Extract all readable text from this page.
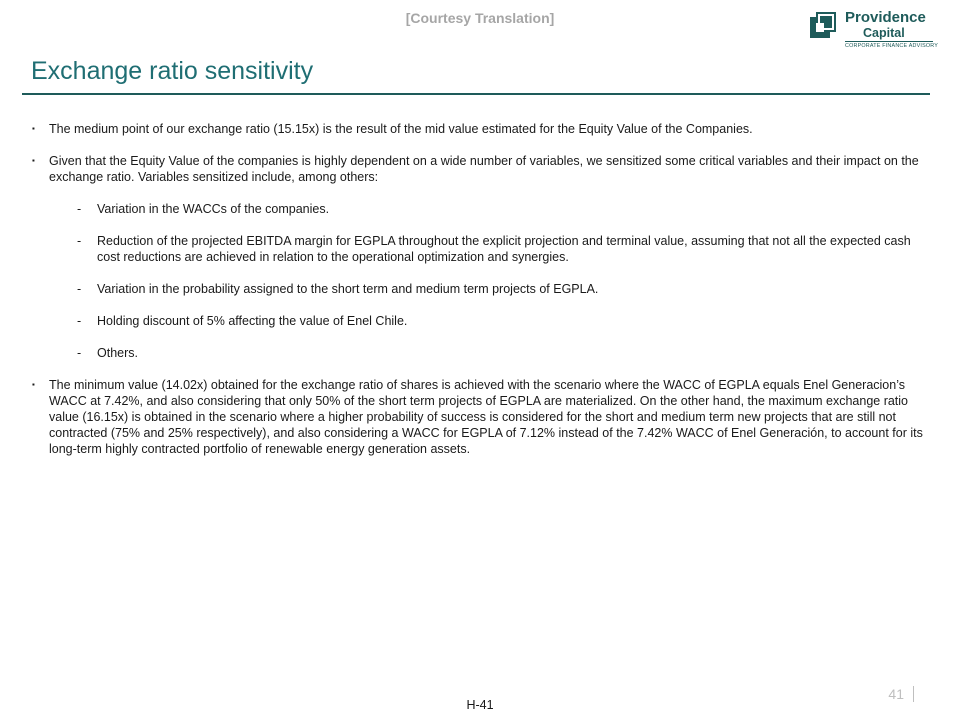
[Courtesy Translation]	Providence
Capital
CORPORATE FINANCE ADVISORY
Exchange ratio sensitivity
▪ The medium point of our exchange ratio (15.15x) is the result of the mid value estimated for the Equity Value of the Companies.
▪ Given that the Equity Value of the companies is highly dependent on a wide number of variables, we sensitized some critical variables and their impact on the exchange ratio. Variables sensitized include, among others:
- Variation in the WACCs of the companies.
- Reduction of the projected EBITDA margin for EGPLA throughout the explicit projection and terminal value, assuming that not all the expected cash cost reductions are achieved in relation to the operational optimization and synergies.
- Variation in the probability assigned to the short term and medium term projects of EGPLA.
- Holding discount of 5% affecting the value of Enel Chile.
- Others.
▪ The minimum value (14.02x) obtained for the exchange ratio of shares is achieved with the scenario where the WACC of EGPLA equals Enel Generacion’s WACC at 7.42%, and also considering that only 50% of the short term projects of EGPLA are materialized. On the other hand, the maximum exchange ratio value (16.15x) is obtained in the scenario where a higher probability of success is considered for the short and medium term new projects that are still not contracted (75% and 25% respectively), and also considering a WACC for EGPLA of 7.12% instead of the 7.42% WACC of Enel Generación, to account for its long-term highly contracted portfolio of renewable energy generation assets.
H-41
41
